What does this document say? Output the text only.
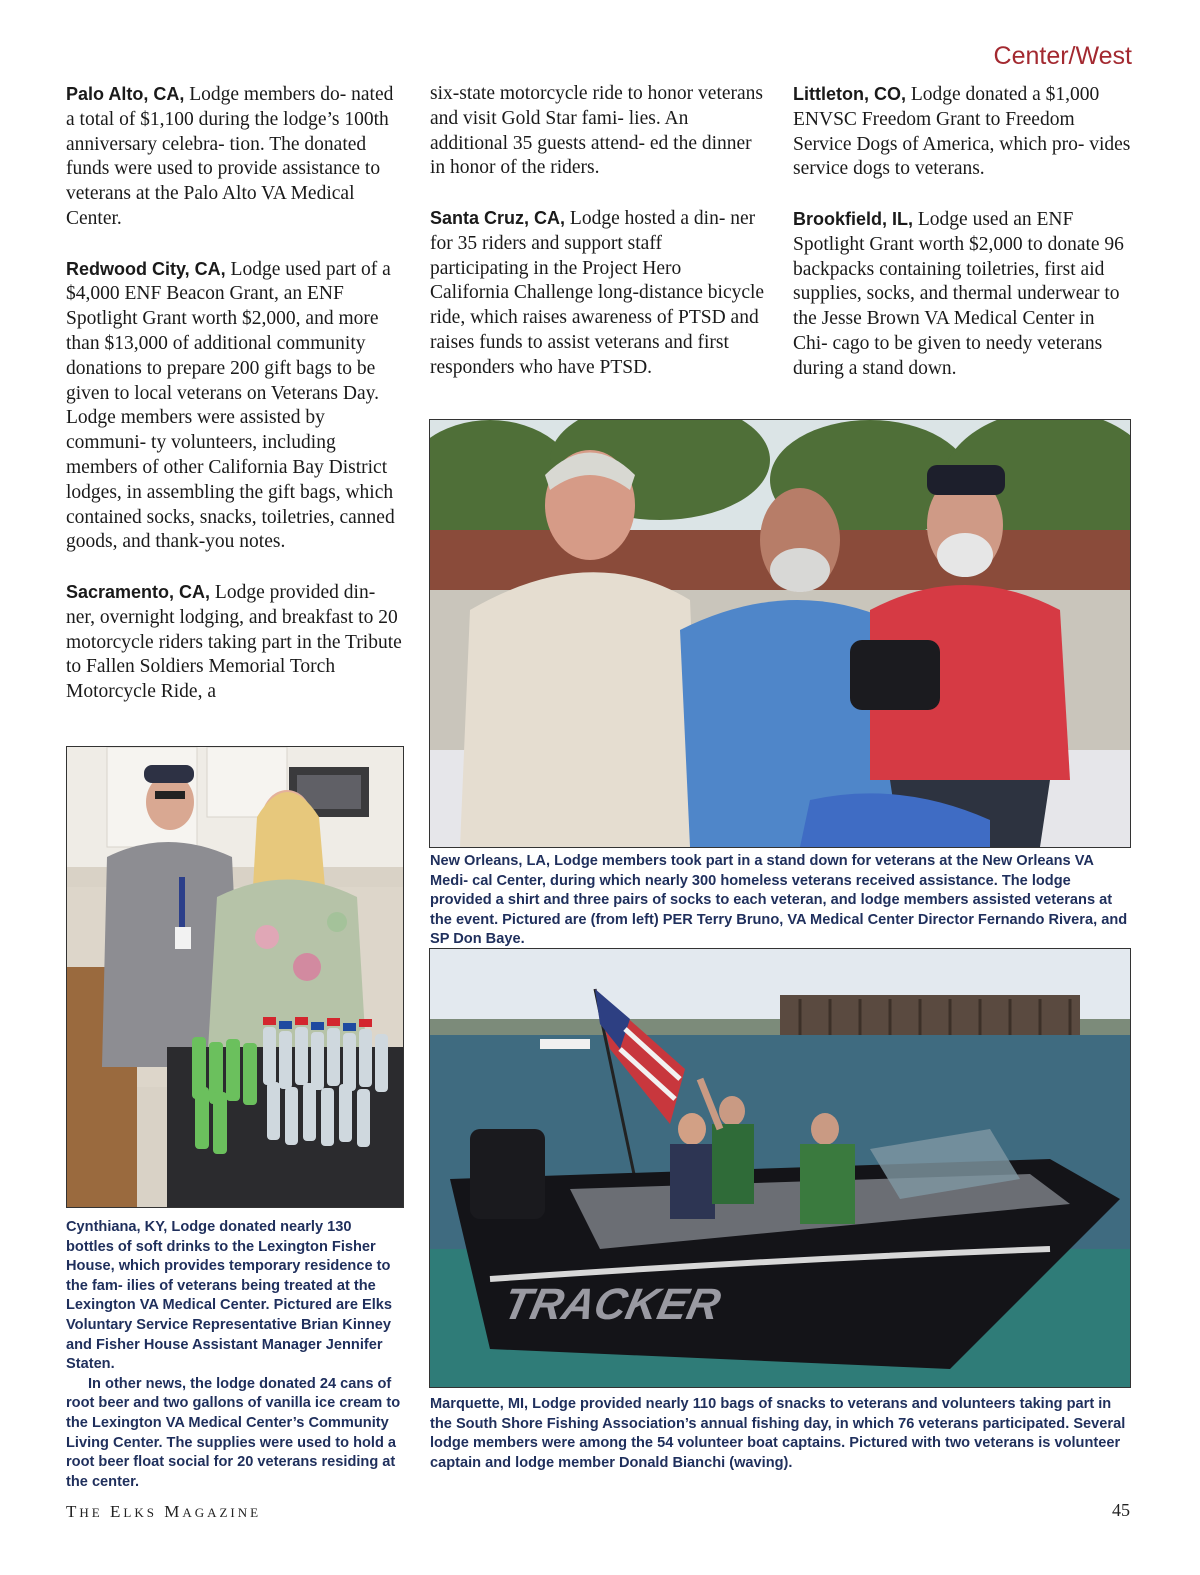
Center/West

Palo Alto, CA, Lodge members do- nated a total of $1,100 during the lodge’s 100th anniversary celebra- tion. The donated funds were used to provide assistance to veterans at the Palo Alto VA Medical Center.

Redwood City, CA, Lodge used part of a $4,000 ENF Beacon Grant, an ENF Spotlight Grant worth $2,000, and more than $13,000 of additional community donations to prepare 200 gift bags to be given to local veterans on Veterans Day. Lodge members were assisted by communi- ty volunteers, including members of other California Bay District lodges, in assembling the gift bags, which contained socks, snacks, toiletries, canned goods, and thank-you notes.

Sacramento, CA, Lodge provided din- ner, overnight lodging, and breakfast to 20 motorcycle riders taking part in the Tribute to Fallen Soldiers Memorial Torch Motorcycle Ride, a

six-state motorcycle ride to honor veterans and visit Gold Star fami- lies. An additional 35 guests attend- ed the dinner in honor of the riders.

Santa Cruz, CA, Lodge hosted a din- ner for 35 riders and support staff participating in the Project Hero California Challenge long-distance bicycle ride, which raises awareness of PTSD and raises funds to assist veterans and first responders who have PTSD.

Littleton, CO, Lodge donated a $1,000 ENVSC Freedom Grant to Freedom Service Dogs of America, which pro- vides service dogs to veterans.

Brookfield, IL, Lodge used an ENF Spotlight Grant worth $2,000 to donate 96 backpacks containing toiletries, first aid supplies, socks, and thermal underwear to the Jesse Brown VA Medical Center in Chi- cago to be given to needy veterans during a stand down.

Cynthiana, KY, Lodge donated nearly 130 bottles of soft drinks to the Lexington Fisher House, which provides temporary residence to the fam- ilies of veterans being treated at the Lexington VA Medical Center. Pictured are Elks Voluntary Service Representative Brian Kinney and Fisher House Assistant Manager Jennifer Staten.

In other news, the lodge donated 24 cans of root beer and two gallons of vanilla ice cream to the Lexington VA Medical Center’s Community Living Center. The supplies were used to hold a root beer float social for 20 veterans residing at the center.

New Orleans, LA, Lodge members took part in a stand down for veterans at the New Orleans VA Medi- cal Center, during which nearly 300 homeless veterans received assistance. The lodge provided a shirt and three pairs of socks to each veteran, and lodge members assisted veterans at the event. Pictured are (from left) PER Terry Bruno, VA Medical Center Director Fernando Rivera, and SP Don Baye.

TRACKER

Marquette, MI, Lodge provided nearly 110 bags of snacks to veterans and volunteers taking part in the South Shore Fishing Association’s annual fishing day, in which 76 veterans participated. Several lodge members were among the 54 volunteer boat captains. Pictured with two veterans is volunteer captain and lodge member Donald Bianchi (waving).

THE ELKS MAGAZINE	45
